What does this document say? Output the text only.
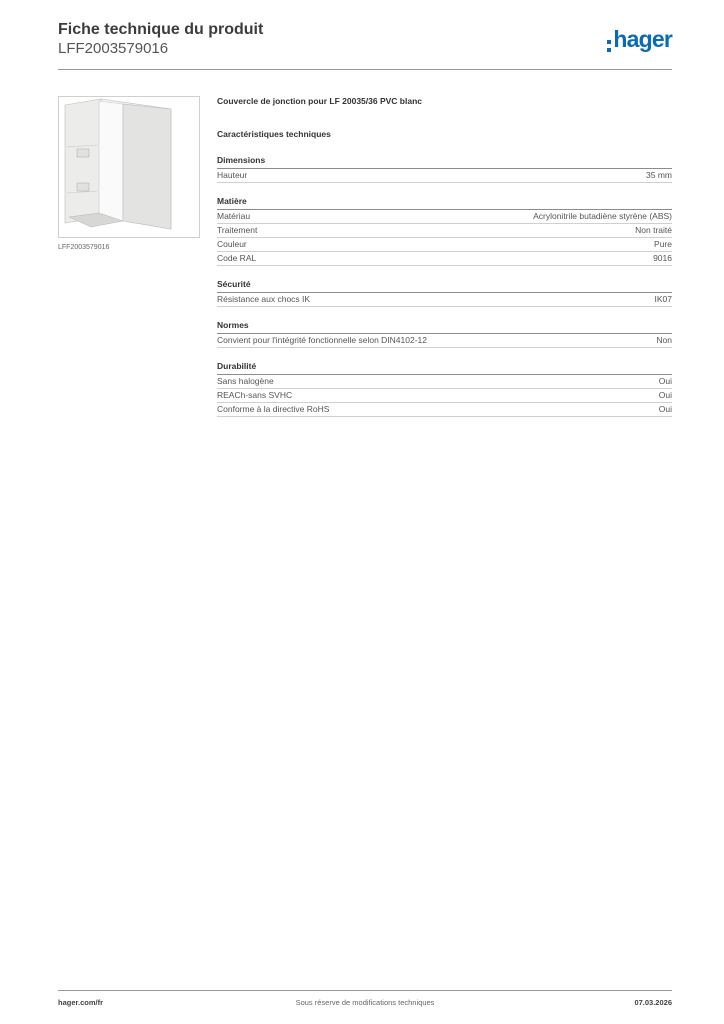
Fiche technique du produit
LFF2003579016	hager
LFF2003579016
Couvercle de jonction pour LF 20035/36 PVC blanc
Caractéristiques techniques
Dimensions
Hauteur	35 mm
Matière
Matériau	Acrylonitrile butadiène styrène (ABS)
Traitement	Non traité
Couleur	Pure
Code RAL	9016
Sécurité
Résistance aux chocs IK	IK07
Normes
Convient pour l'intégrité fonctionnelle selon DIN4102-12	Non
Durabilité
Sans halogène	Oui
REACh-sans SVHC	Oui
Conforme à la directive RoHS	Oui
hager.com/fr	Sous réserve de modifications techniques	07.03.2026
